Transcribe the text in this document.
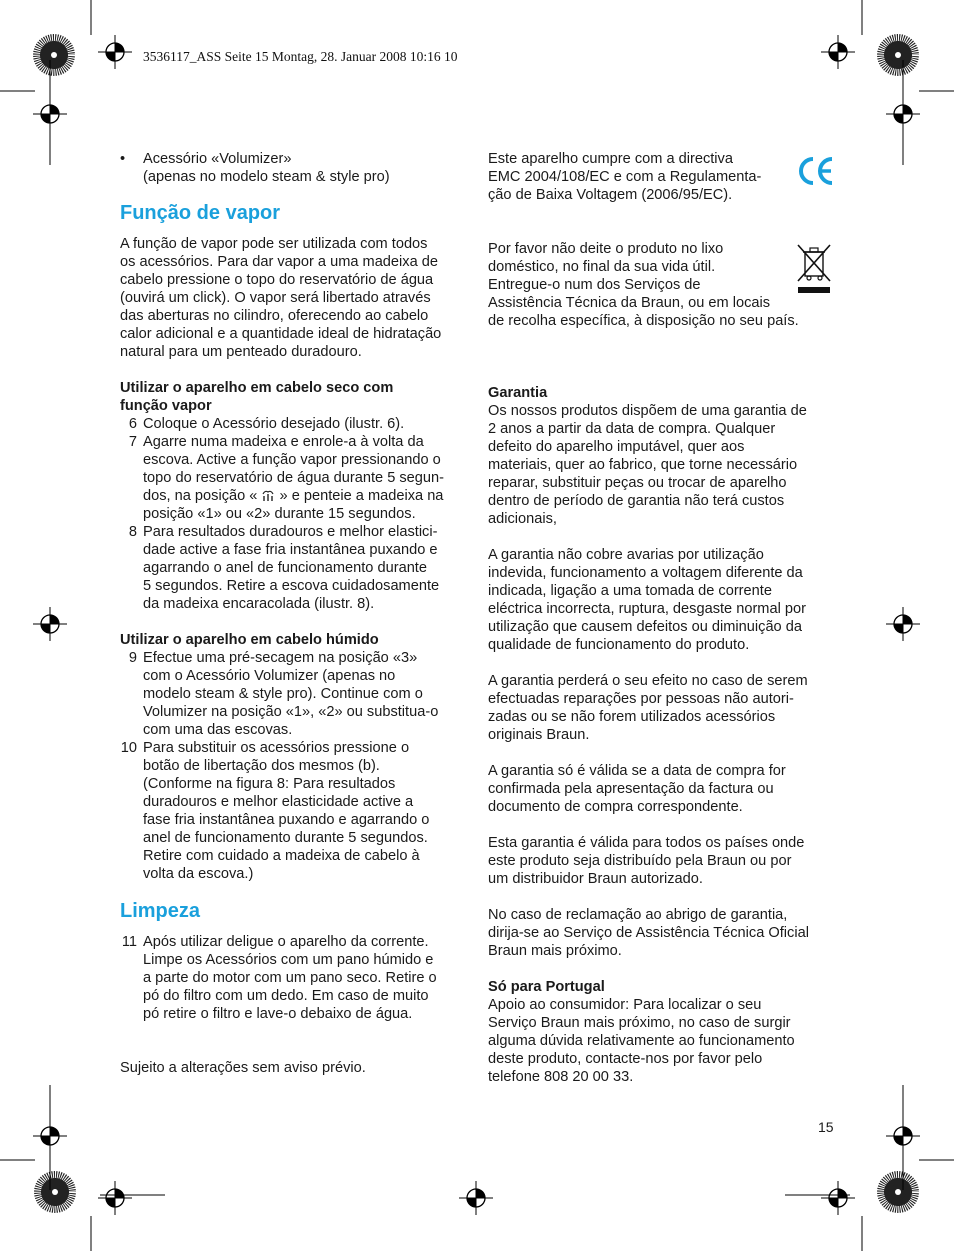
3536117_ASS Seite 15 Montag, 28. Januar 2008 10:16 10
• Acessório «Volumizer»
(apenas no modelo steam & style pro)
Função de vapor
A função de vapor pode ser utilizada com todos
os acessórios. Para dar vapor a uma madeixa de
cabelo pressione o topo do reservatório de água
(ouvirá um click). O vapor será libertado através
das aberturas no cilindro, oferecendo ao cabelo
calor adicional e a quantidade ideal de hidratação
natural para um penteado duradouro.
Utilizar o aparelho em cabelo seco com
função vapor
6 Coloque o Acessório desejado (ilustr. 6).
7 Agarre numa madeixa e enrole-a à volta da
escova. Active a função vapor pressionando o
topo do reservatório de água durante 5 segun-
dos, na posição « » e penteie a madeixa na
posição «1» ou «2» durante 15 segundos.
8 Para resultados duradouros e melhor elastici-
dade active a fase fria instantânea puxando e
agarrando o anel de funcionamento durante
5 segundos. Retire a escova cuidadosamente
da madeixa encaracolada (ilustr. 8).
Utilizar o aparelho em cabelo húmido
9 Efectue uma pré-secagem na posição «3»
com o Acessório Volumizer (apenas no
modelo steam & style pro). Continue com o
Volumizer na posição «1», «2» ou substitua-o
com uma das escovas.
10 Para substituir os acessórios pressione o
botão de libertação dos mesmos (b).
(Conforme na figura 8: Para resultados
duradouros e melhor elasticidade active a
fase fria instantânea puxando e agarrando o
anel de funcionamento durante 5 segundos.
Retire com cuidado a madeixa de cabelo à
volta da escova.)
Limpeza
11 Após utilizar deligue o aparelho da corrente.
Limpe os Acessórios com um pano húmido e
a parte do motor com um pano seco. Retire o
pó do filtro com um dedo. Em caso de muito
pó retire o filtro e lave-o debaixo de água.
Sujeito a alterações sem aviso prévio.
Este aparelho cumpre com a directiva
EMC 2004/108/EC e com a Regulamenta-
ção de Baixa Voltagem (2006/95/EC).
Por favor não deite o produto no lixo
doméstico, no final da sua vida útil.
Entregue-o num dos Serviços de
Assistência Técnica da Braun, ou em locais
de recolha específica, à disposição no seu país.
Garantia
Os nossos produtos dispõem de uma garantia de
2 anos a partir da data de compra. Qualquer
defeito do aparelho imputável, quer aos
materiais, quer ao fabrico, que torne necessário
reparar, substituir peças ou trocar de aparelho
dentro de período de garantia não terá custos
adicionais,
A garantia não cobre avarias por utilização
indevida, funcionamento a voltagem diferente da
indicada, ligação a uma tomada de corrente
eléctrica incorrecta, ruptura, desgaste normal por
utilização que causem defeitos ou diminuição da
qualidade de funcionamento do produto.
A garantia perderá o seu efeito no caso de serem
efectuadas reparações por pessoas não autori-
zadas ou se não forem utilizados acessórios
originais Braun.
A garantia só é válida se a data de compra for
confirmada pela apresentação da factura ou
documento de compra correspondente.
Esta garantia é válida para todos os países onde
este produto seja distribuído pela Braun ou por
um distribuidor Braun autorizado.
No caso de reclamação ao abrigo de garantia,
dirija-se ao Serviço de Assistência Técnica Oficial
Braun mais próximo.
Só para Portugal
Apoio ao consumidor: Para localizar o seu
Serviço Braun mais próximo, no caso de surgir
alguma dúvida relativamente ao funcionamento
deste produto, contacte-nos por favor pelo
telefone 808 20 00 33.
15
